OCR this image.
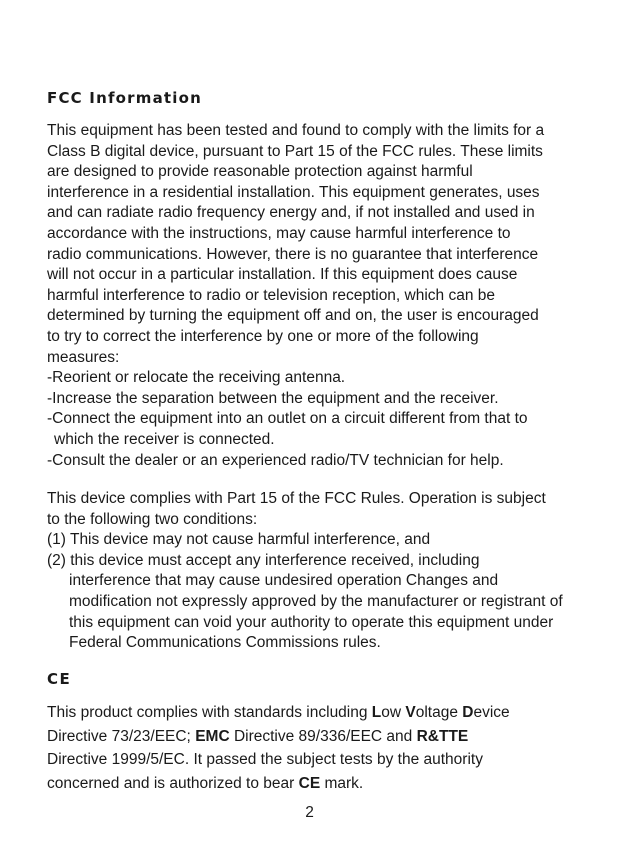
FCC Information
This equipment has been tested and found to comply with the limits for a
Class B digital device, pursuant to Part 15 of the FCC rules. These limits
are designed to provide reasonable protection against harmful
interference in a residential installation. This equipment generates, uses
and can radiate radio frequency energy and, if not installed and used in
accordance with the instructions, may cause harmful interference to
radio communications. However, there is no guarantee that interference
will not occur in a particular installation. If this equipment does cause
harmful interference to radio or television reception, which can be
determined by turning the equipment off and on, the user is encouraged
to try to correct the interference by one or more of the following
measures:
-Reorient or relocate the receiving antenna.
-Increase the separation between the equipment and the receiver.
-Connect the equipment into an outlet on a circuit different from that to
which the receiver is connected.
-Consult the dealer or an experienced radio/TV technician for help.
This device complies with Part 15 of the FCC Rules. Operation is subject
to the following two conditions:
(1) This device may not cause harmful interference, and
(2) this device must accept any interference received, including
interference that may cause undesired operation Changes and
modification not expressly approved by the manufacturer or registrant of
this equipment can void your authority to operate this equipment under
Federal Communications Commissions rules.
CE
This product complies with standards including Low Voltage Device
Directive 73/23/EEC; EMC Directive 89/336/EEC and R&TTE
Directive 1999/5/EC. It passed the subject tests by the authority
concerned and is authorized to bear CE mark.
2
